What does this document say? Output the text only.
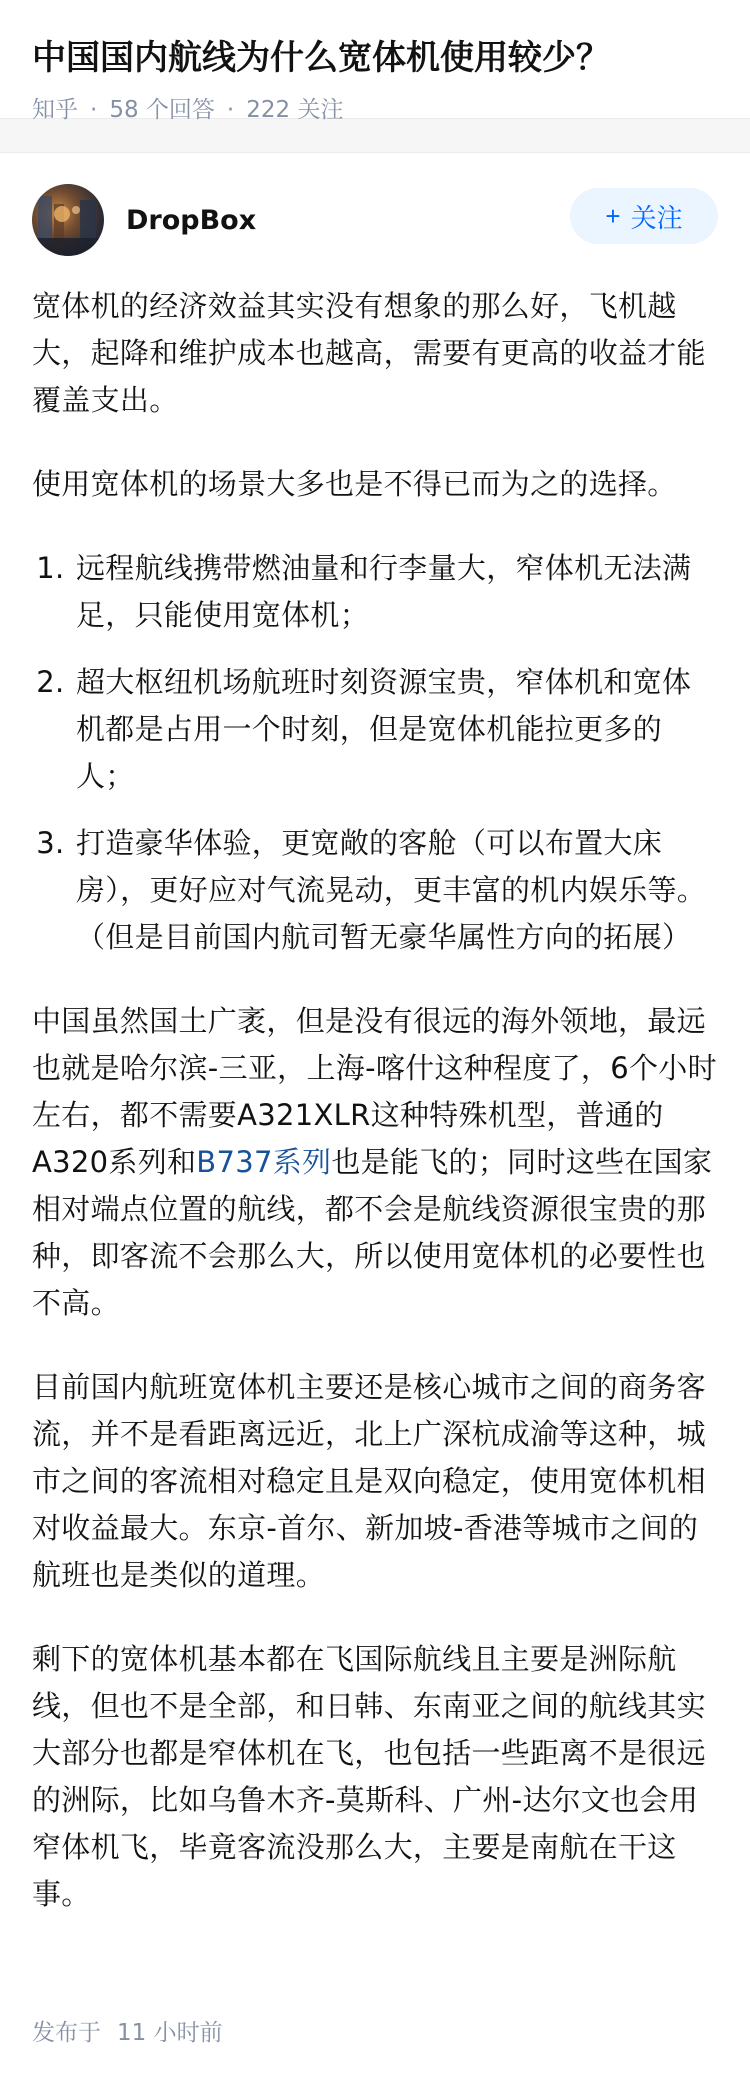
中国国内航线为什么宽体机使用较少？
知乎 · 58 个回答 · 222 关注
DropBox	+ 关注

宽体机的经济效益其实没有想象的那么好，飞机越大，起降和维护成本也越高，需要有更高的收益才能覆盖支出。

使用宽体机的场景大多也是不得已而为之的选择。

1. 远程航线携带燃油量和行李量大，窄体机无法满足，只能使用宽体机；
2. 超大枢纽机场航班时刻资源宝贵，窄体机和宽体机都是占用一个时刻，但是宽体机能拉更多的人；
3. 打造豪华体验，更宽敞的客舱（可以布置大床房），更好应对气流晃动，更丰富的机内娱乐等。 （但是目前国内航司暂无豪华属性方向的拓展）

中国虽然国土广袤，但是没有很远的海外领地，最远也就是哈尔滨-三亚，上海-喀什这种程度了，6个小时左右，都不需要A321XLR这种特殊机型，普通的A320系列和B737系列也是能飞的；同时这些在国家相对端点位置的航线，都不会是航线资源很宝贵的那种，即客流不会那么大，所以使用宽体机的必要性也不高。

目前国内航班宽体机主要还是核心城市之间的商务客流，并不是看距离远近，北上广深杭成渝等这种，城市之间的客流相对稳定且是双向稳定，使用宽体机相对收益最大。东京-首尔、新加坡-香港等城市之间的航班也是类似的道理。

剩下的宽体机基本都在飞国际航线且主要是洲际航线，但也不是全部，和日韩、东南亚之间的航线其实大部分也都是窄体机在飞，也包括一些距离不是很远的洲际，比如乌鲁木齐-莫斯科、广州-达尔文也会用窄体机飞，毕竟客流没那么大，主要是南航在干这事。

发布于 11 小时前
